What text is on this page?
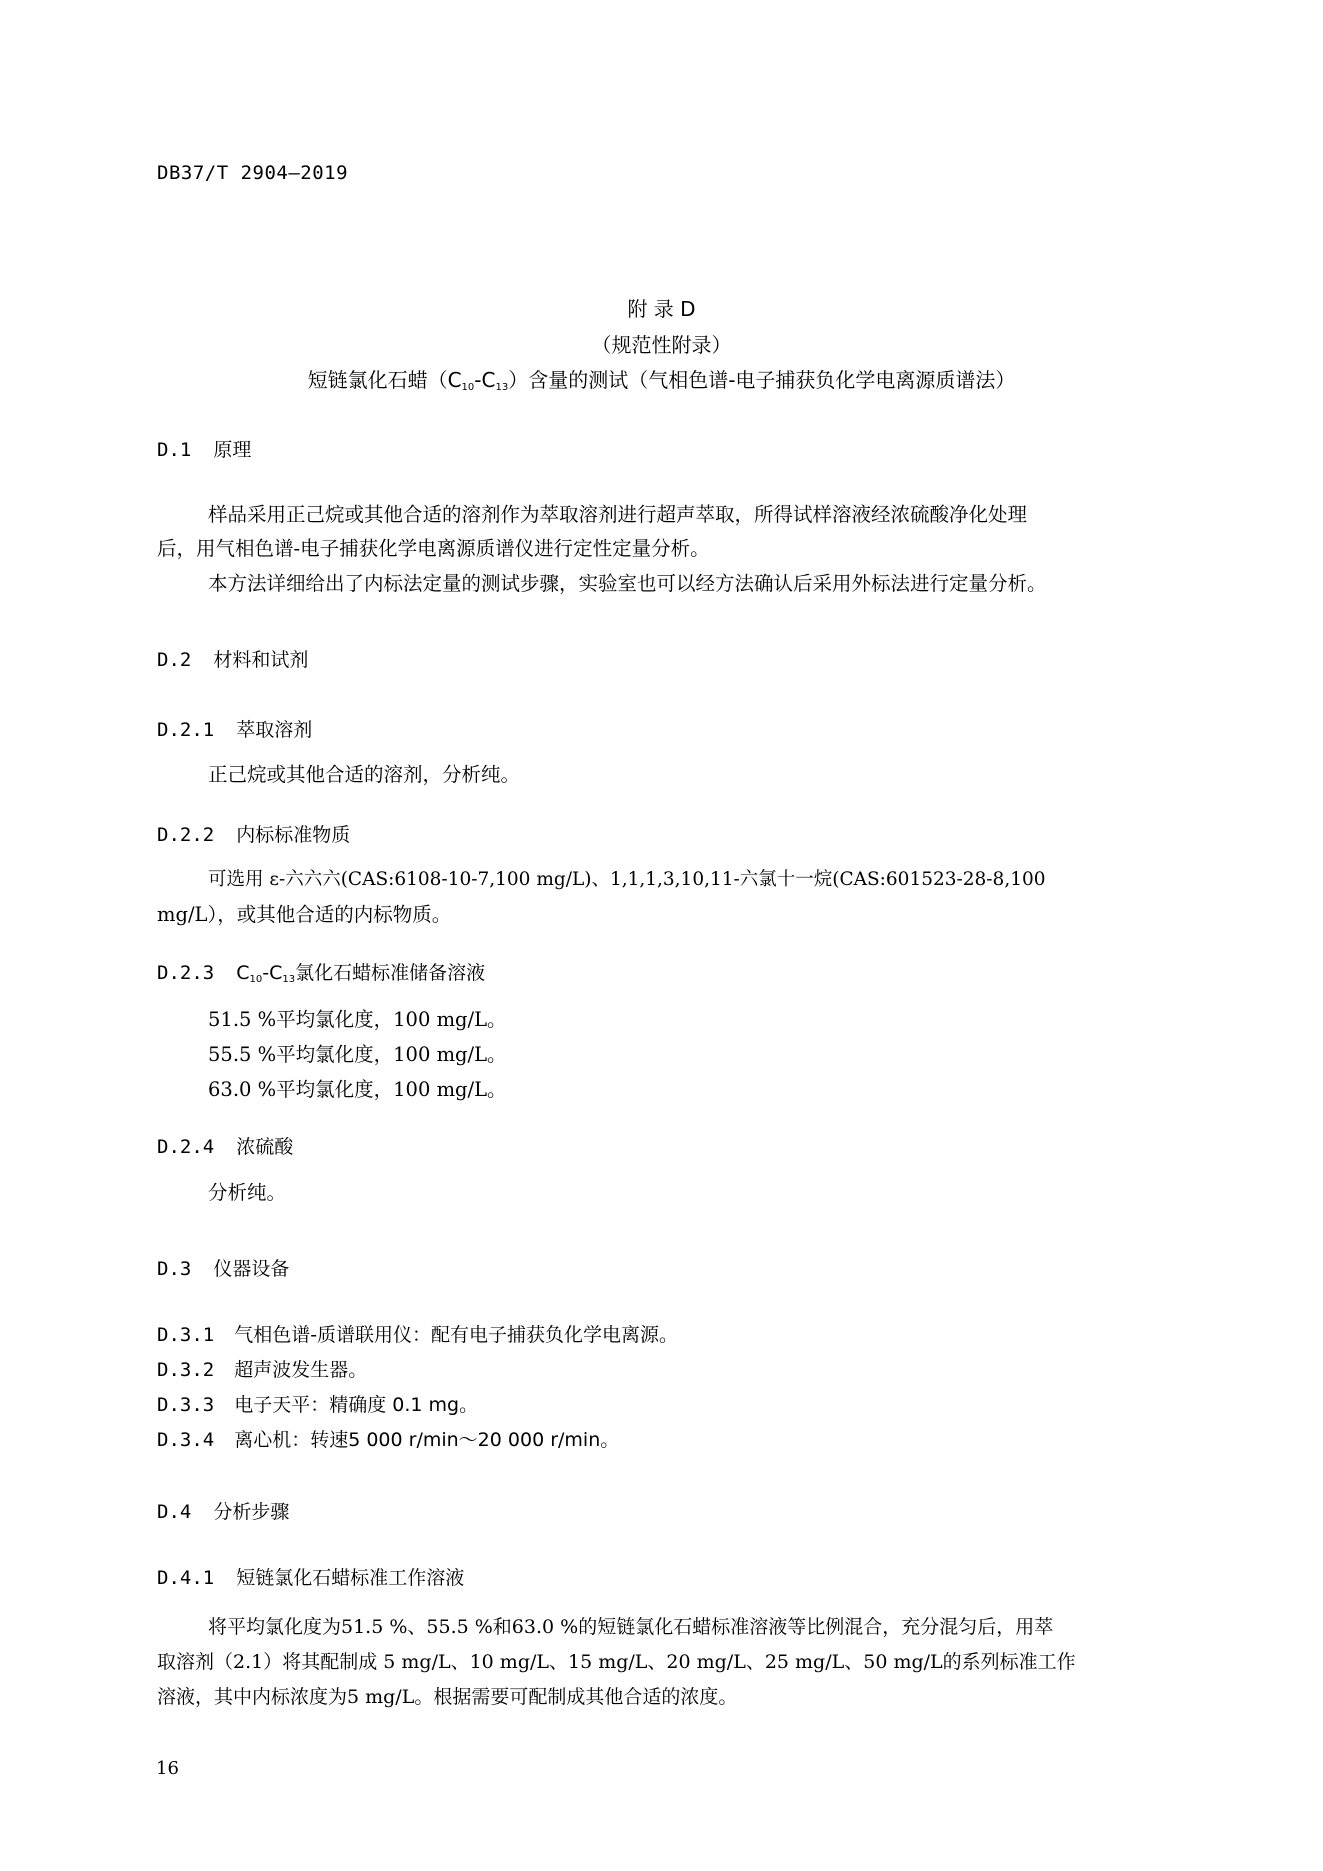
DB37/T 2904—2019
附 录 D
（规范性附录）
短链氯化石蜡（C10-C13）含量的测试（气相色谱-电子捕获负化学电离源质谱法）
D.1 原理
样品采用正己烷或其他合适的溶剂作为萃取溶剂进行超声萃取，所得试样溶液经浓硫酸净化处理
后，用气相色谱-电子捕获化学电离源质谱仪进行定性定量分析。
本方法详细给出了内标法定量的测试步骤，实验室也可以经方法确认后采用外标法进行定量分析。
D.2 材料和试剂
D.2.1 萃取溶剂
正己烷或其他合适的溶剂，分析纯。
D.2.2 内标标准物质
可选用 ε-六六六(CAS:6108-10-7,100 mg/L)、1,1,1,3,10,11-六氯十一烷(CAS:601523-28-8,100
mg/L），或其他合适的内标物质。
D.2.3 C10-C13氯化石蜡标准储备溶液
51.5 %平均氯化度，100 mg/L。
55.5 %平均氯化度，100 mg/L。
63.0 %平均氯化度，100 mg/L。
D.2.4 浓硫酸
分析纯。
D.3 仪器设备
D.3.1 气相色谱-质谱联用仪：配有电子捕获负化学电离源。
D.3.2 超声波发生器。
D.3.3 电子天平：精确度 0.1 mg。
D.3.4 离心机：转速5 000 r/min～20 000 r/min。
D.4 分析步骤
D.4.1 短链氯化石蜡标准工作溶液
将平均氯化度为51.5 %、55.5 %和63.0 %的短链氯化石蜡标准溶液等比例混合，充分混匀后，用萃
取溶剂（2.1）将其配制成 5 mg/L、10 mg/L、15 mg/L、20 mg/L、25 mg/L、50 mg/L的系列标准工作
溶液，其中内标浓度为5 mg/L。根据需要可配制成其他合适的浓度。
16
